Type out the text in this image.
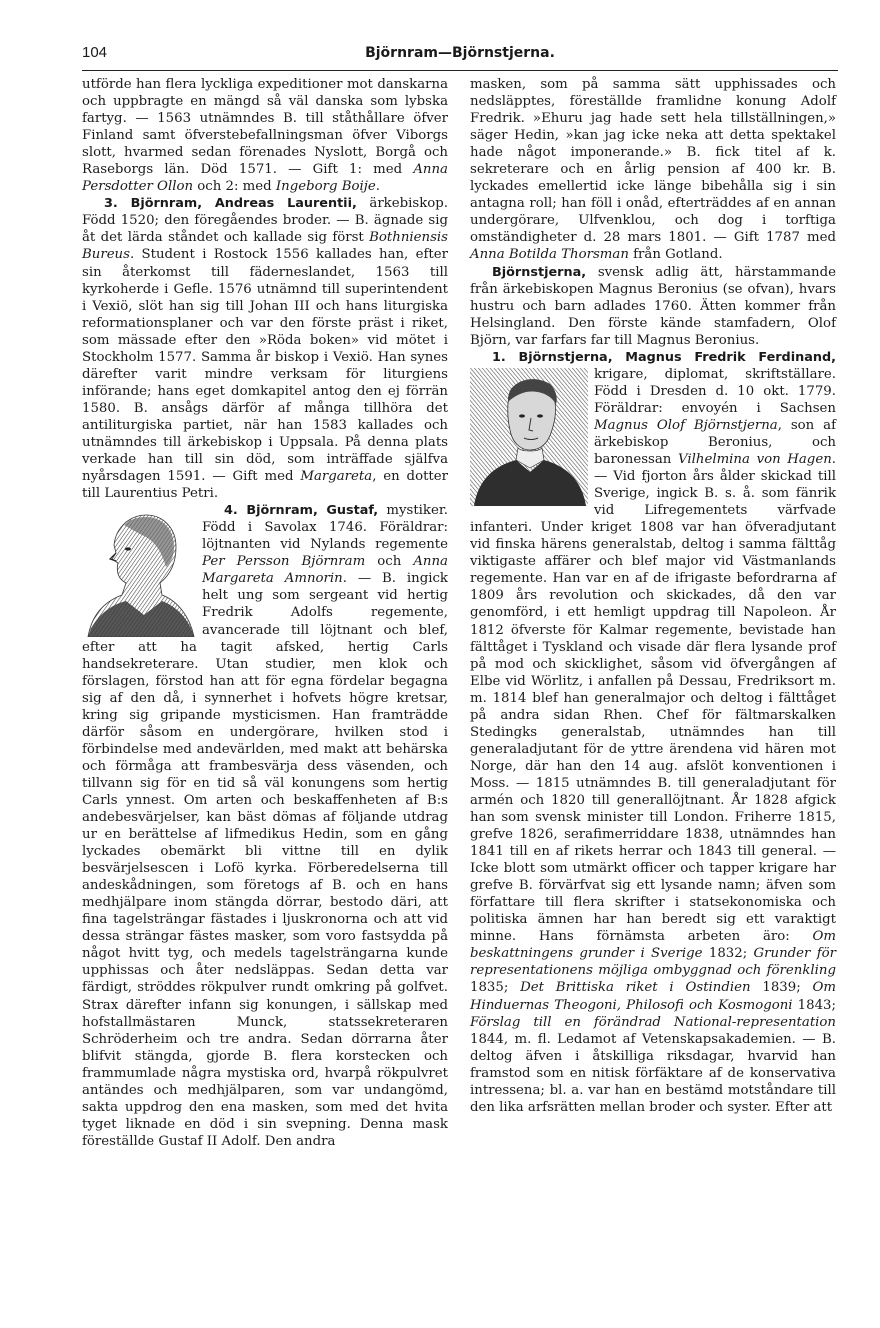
104	Björnram—Björnstjerna.

utförde han flera lyckliga expeditioner mot danskarna och uppbragte en mängd så väl danska som lybska fartyg. — 1563 utnämndes B. till ståthållare öfver Finland samt öfverstebefallningsman öfver Viborgs slott, hvarmed sedan förenades Nyslott, Borgå och Raseborgs län. Död 1571. — Gift 1: med Anna Persdotter Ollon och 2: med Ingeborg Boije.

3. Björnram, Andreas Laurentii, ärkebiskop. Född 1520; den föregåendes broder. — B. ägnade sig åt det lärda ståndet och kallade sig först Bothniensis Bureus. Student i Rostock 1556 kallades han, efter sin återkomst till fäderneslandet, 1563 till kyrkoherde i Gefle. 1576 utnämnd till superintendent i Vexiö, slöt han sig till Johan III och hans liturgiska reformationsplaner och var den förste präst i riket, som mässade efter den »Röda boken» vid mötet i Stockholm 1577. Samma år biskop i Vexiö. Han synes därefter varit mindre verksam för liturgiens införande; hans eget domkapitel antog den ej förrän 1580. B. ansågs därför af många tillhöra det antiliturgiska partiet, när han 1583 kallades och utnämndes till ärkebiskop i Uppsala. På denna plats verkade han till sin död, som inträffade själfva nyårsdagen 1591. — Gift med Margareta, en dotter till Laurentius Petri.

4. Björnram, Gustaf,
mystiker. Född i Savolax 1746. Föräldrar: löjtnanten vid Nylands regemente Per Persson Björnram och Anna Margareta Amnorin. — B. ingick helt ung som sergeant vid hertig Fredrik Adolfs regemente, avancerade till löjtnant och blef, efter att ha tagit afsked, hertig Carls handsekreterare. Utan studier, men klok och förslagen, förstod han att för egna fördelar begagna sig af den då, i synnerhet i hofvets högre kretsar, kring sig gripande mysticismen. Han framträdde därför såsom en undergörare, hvilken stod i förbindelse med andevärlden, med makt att behärska och förmåga att frambesvärja dess väsenden, och tillvann sig för en tid så väl konungens som hertig Carls ynnest. Om arten och beskaffenheten af B:s andebesvärjelser, kan bäst dömas af följande utdrag ur en berättelse af lifmedikus Hedin, som en gång lyckades obemärkt bli vittne till en dylik besvärjelsescen i Lofö kyrka. Förberedelserna till andeskådningen, som företogs af B. och en hans medhjälpare inom stängda dörrar, bestodo däri, att fina tagelsträngar fästades i ljuskronorna och att vid dessa strängar fästes masker, som voro fastsydda på något hvitt tyg, och medels tagelsträngarna kunde upphissas och åter nedsläppas. Sedan detta var färdigt, ströddes rökpulver rundt omkring på golfvet. Strax därefter infann sig konungen, i sällskap med hofstallmästaren Munck, statssekreteraren Schröderheim och tre andra. Sedan dörrarna åter blifvit stängda, gjorde B. flera korstecken och frammumlade några mystiska ord, hvarpå rökpulvret antändes och medhjälparen, som var undangömd, sakta uppdrog den ena masken, som med det hvita tyget liknade en död i sin svepning. Denna mask föreställde Gustaf II Adolf. Den andra

masken, som på samma sätt upphissades och nedsläpptes, föreställde framlidne konung Adolf Fredrik. »Ehuru jag hade sett hela tillställningen,» säger Hedin, »kan jag icke neka att detta spektakel hade något imponerande.» B. fick titel af k. sekreterare och en årlig pension af 400 kr. B. lyckades emellertid icke länge bibehålla sig i sin antagna roll; han föll i onåd, efterträddes af en annan undergörare, Ulfvenklou, och dog i torftiga omständigheter d. 28 mars 1801. — Gift 1787 med Anna Botilda Thorsman från Gotland.

Björnstjerna, svensk adlig ätt, härstammande från ärkebiskopen Magnus Beronius (se ofvan), hvars hustru och barn adlades 1760. Ätten kommer från Helsingland. Den förste kände stamfadern, Olof Björn, var farfars far till Magnus Beronius.

1. Björnstjerna, Magnus Fredrik Ferdinand,
krigare, diplomat, skriftställare. Född i Dresden d. 10 okt. 1779. Föräldrar: envoyén i Sachsen Magnus Olof Björnstjerna, son af ärkebiskop Beronius, och baronessan Vilhelmina von Hagen. — Vid fjorton års ålder skickad till Sverige, ingick B. s. å. som fänrik vid Lifregementets värfvade infanteri. Under kriget 1808 var han öfveradjutant vid finska härens generalstab, deltog i samma fälttåg viktigaste affärer och blef major vid Västmanlands regemente. Han var en af de ifrigaste befordrarna af 1809 års revolution och skickades, då den var genomförd, i ett hemligt uppdrag till Napoleon. År 1812 öfverste för Kalmar regemente, bevistade han fälttåget i Tyskland och visade där flera lysande prof på mod och skicklighet, såsom vid öfvergången af Elbe vid Wörlitz, i anfallen på Dessau, Fredriksort m. m. 1814 blef han generalmajor och deltog i fälttåget på andra sidan Rhen. Chef för fältmarskalken Stedingks generalstab, utnämndes han till generaladjutant för de yttre ärendena vid hären mot Norge, där han den 14 aug. afslöt konventionen i Moss. — 1815 utnämndes B. till generaladjutant för armén och 1820 till generallöjtnant. År 1828 afgick han som svensk minister till London. Friherre 1815, grefve 1826, serafimerriddare 1838, utnämndes han 1841 till en af rikets herrar och 1843 till general. — Icke blott som utmärkt officer och tapper krigare har grefve B. förvärfvat sig ett lysande namn; äfven som författare till flera skrifter i statsekonomiska och politiska ämnen har han beredt sig ett varaktigt minne. Hans förnämsta arbeten äro: Om beskattningens grunder i Sverige 1832; Grunder för representationens möjliga ombyggnad och förenkling 1835; Det Brittiska riket i Ostindien 1839; Om Hinduernas Theogoni, Philosofi och Kosmogoni 1843; Förslag till en förändrad National-representation 1844, m. fl. Ledamot af Vetenskapsakademien. — B. deltog äfven i åtskilliga riksdagar, hvarvid han framstod som en nitisk förfäktare af de konservativa intressena; bl. a. var han en bestämd motståndare till den lika arfsrätten mellan broder och syster. Efter att
